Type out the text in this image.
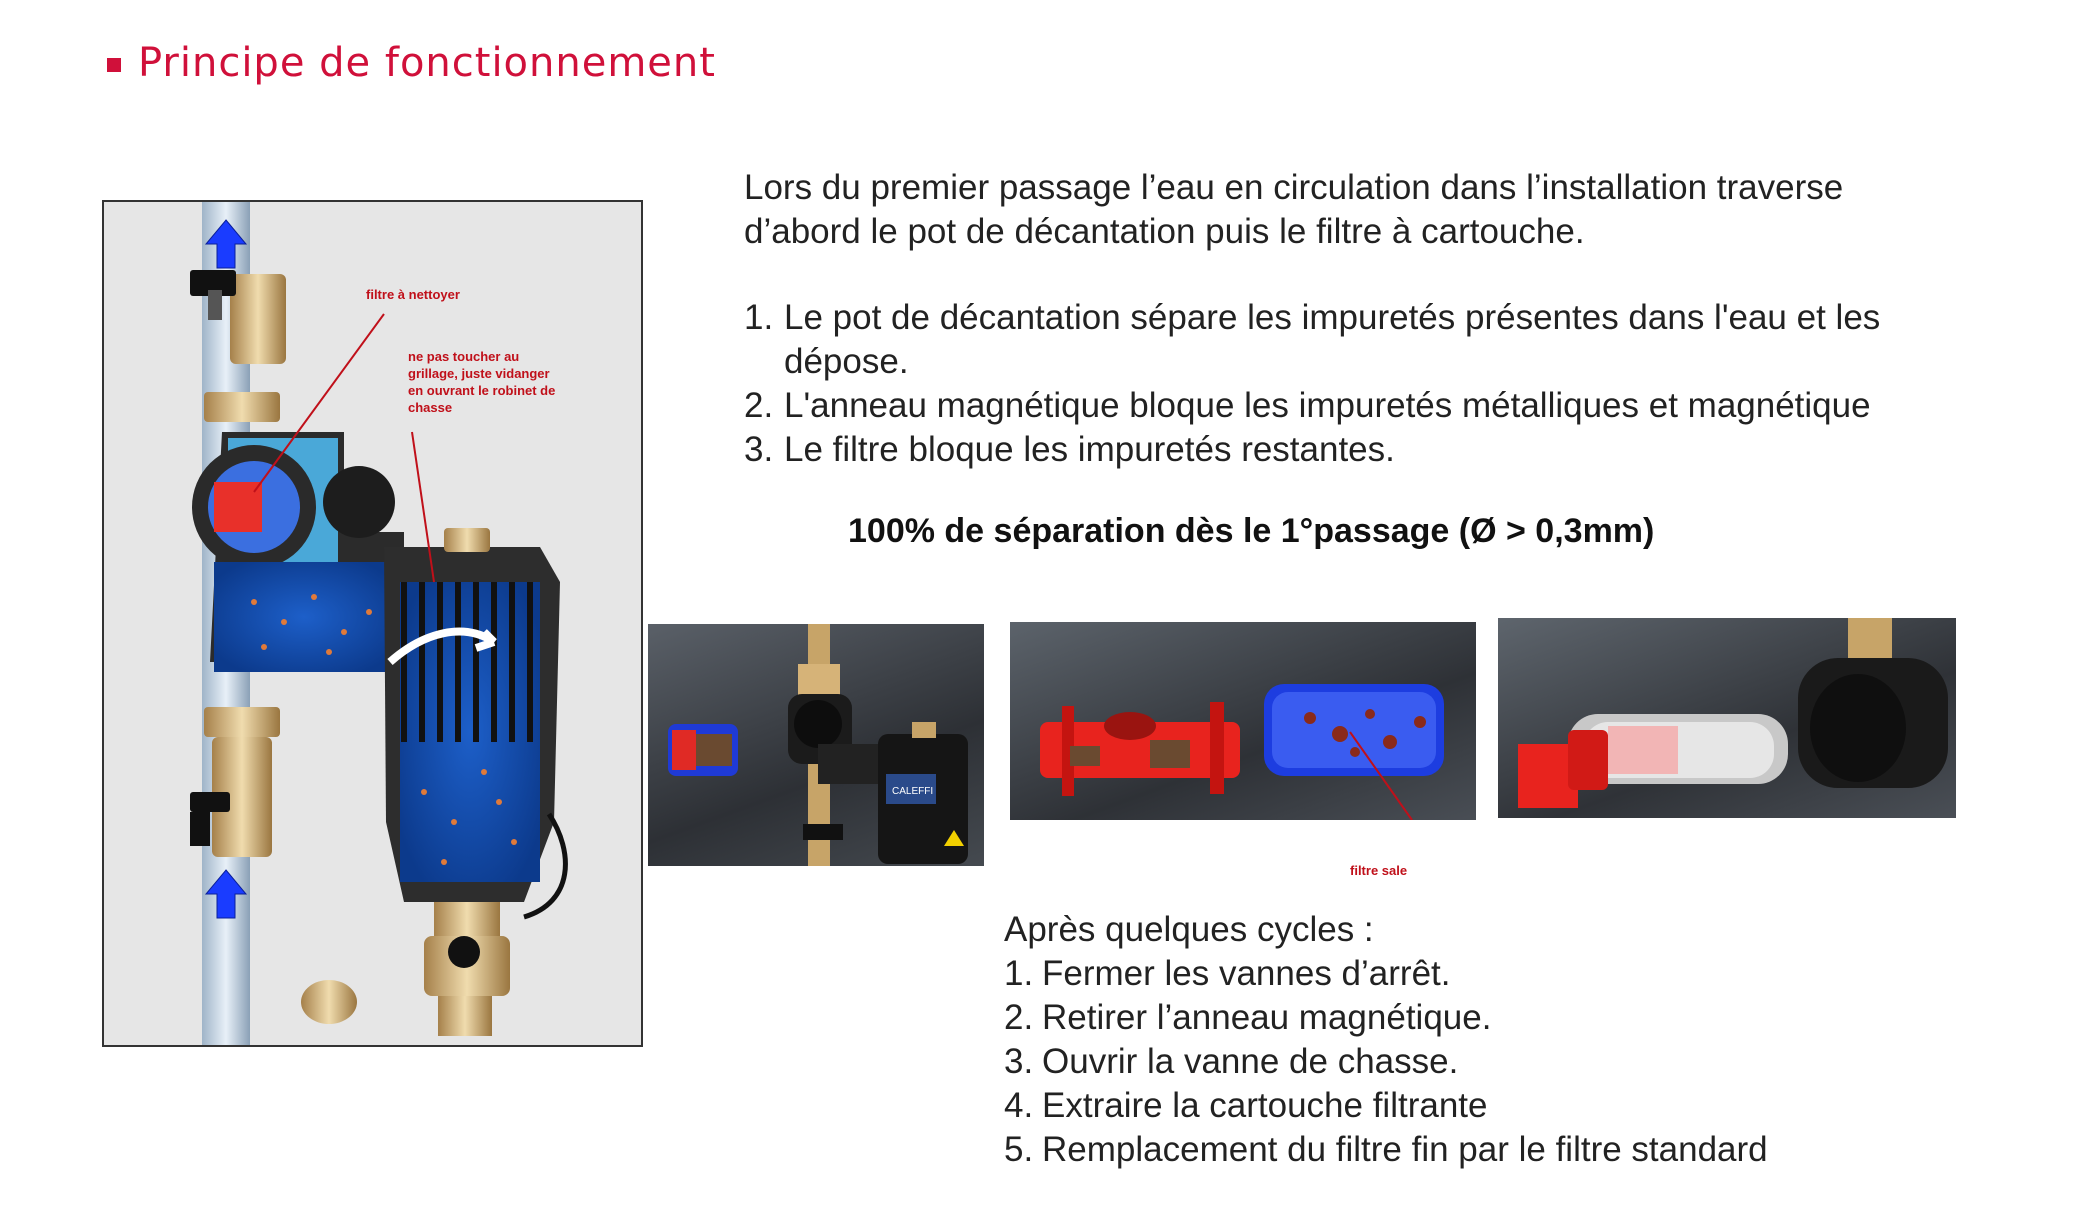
Principe de fonctionnement
filtre à nettoyer
ne pas toucher au grillage, juste vidanger en ouvrant le robinet de chasse
Lors du premier passage l’eau en circulation dans l’installation traverse d’abord le pot de décantation puis le filtre à cartouche.
1. Le pot de décantation sépare les impuretés présentes dans l'eau et les dépose.
2. L'anneau magnétique bloque les impuretés métalliques et magnétique
3. Le filtre bloque les impuretés restantes.
100% de séparation dès le 1°passage (Ø > 0,3mm)
CALEFFI
filtre sale
Après quelques cycles :
1. Fermer les vannes d’arrêt.
2. Retirer l’anneau magnétique.
3. Ouvrir la vanne de chasse.
4. Extraire la cartouche filtrante
5. Remplacement du filtre fin par le filtre standard
